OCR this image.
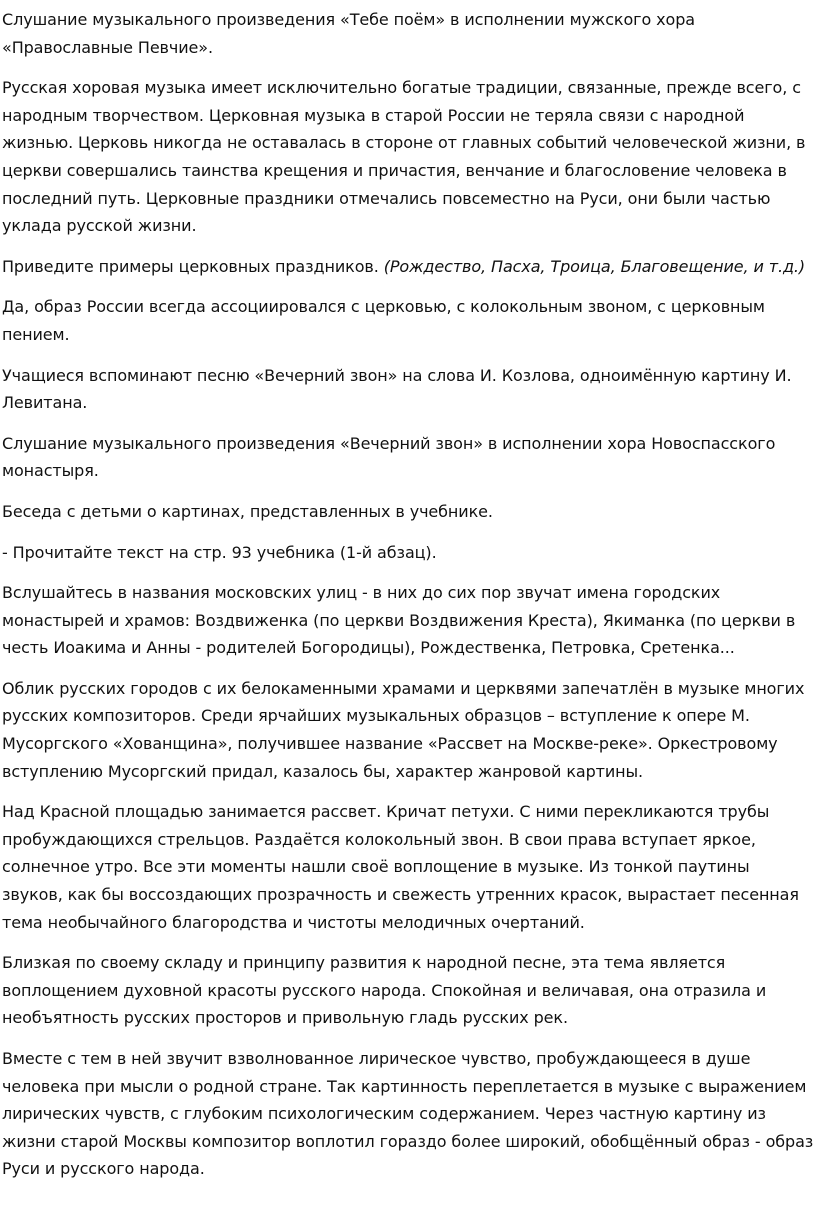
Слушание музыкального произведения «Тебе поём» в исполнении мужского хора «Православные Певчие».

Русская хоровая музыка имеет исключительно богатые традиции, связанные, прежде всего, с народным творчеством. Церковная музыка в старой России не теряла связи с народной жизнью. Церковь никогда не оставалась в стороне от главных событий человеческой жизни, в церкви совершались таинства крещения и причастия, венчание и благословение человека в последний путь. Церковные праздники отмечались повсеместно на Руси, они были частью уклада русской жизни.

Приведите примеры церковных праздников. (Рождество, Пасха, Троица, Благовещение, и т.д.)

Да, образ России всегда ассоциировался с церковью, с колокольным звоном, с церковным пением.

Учащиеся вспоминают песню «Вечерний звон» на слова И. Козлова, одноимённую картину И. Левитана.

Слушание музыкального произведения «Вечерний звон» в исполнении хора Новоспасского монастыря.

Беседа с детьми о картинах, представленных в учебнике.

- Прочитайте текст на стр. 93 учебника (1-й абзац).

Вслушайтесь в названия московских улиц - в них до сих пор звучат имена городских монастырей и храмов: Воздвиженка (по церкви Воздвижения Креста), Якиманка (по церкви в честь Иоакима и Анны - родителей Богородицы), Рождественка, Петровка, Сретенка...

Облик русских городов с их белокаменными храмами и церквями запечатлён в музыке многих русских композиторов. Среди ярчайших музыкальных образцов – вступление к опере М. Мусоргского «Хованщина», получившее название «Рассвет на Москве-реке». Оркестровому вступлению Мусоргский придал, казалось бы, характер жанровой картины.

Над Красной площадью занимается рассвет. Кричат петухи. С ними перекликаются трубы пробуждающихся стрельцов. Раздаётся колокольный звон. В свои права вступает яркое, солнечное утро. Все эти моменты нашли своё воплощение в музыке. Из тонкой паутины звуков, как бы воссоздающих прозрачность и свежесть утренних красок, вырастает песенная тема необычайного благородства и чистоты мелодичных очертаний.

Близкая по своему складу и принципу развития к народной песне, эта тема является воплощением духовной красоты русского народа. Спокойная и величавая, она отразила и необъятность русских просторов и привольную гладь русских рек.

Вместе с тем в ней звучит взволнованное лирическое чувство, пробуждающееся в душе человека при мысли о родной стране. Так картинность переплетается в музыке с выражением лирических чувств, с глубоким психологическим содержанием. Через частную картину из жизни старой Москвы композитор воплотил гораздо более широкий, обобщённый образ - образ Руси и русского народа.
